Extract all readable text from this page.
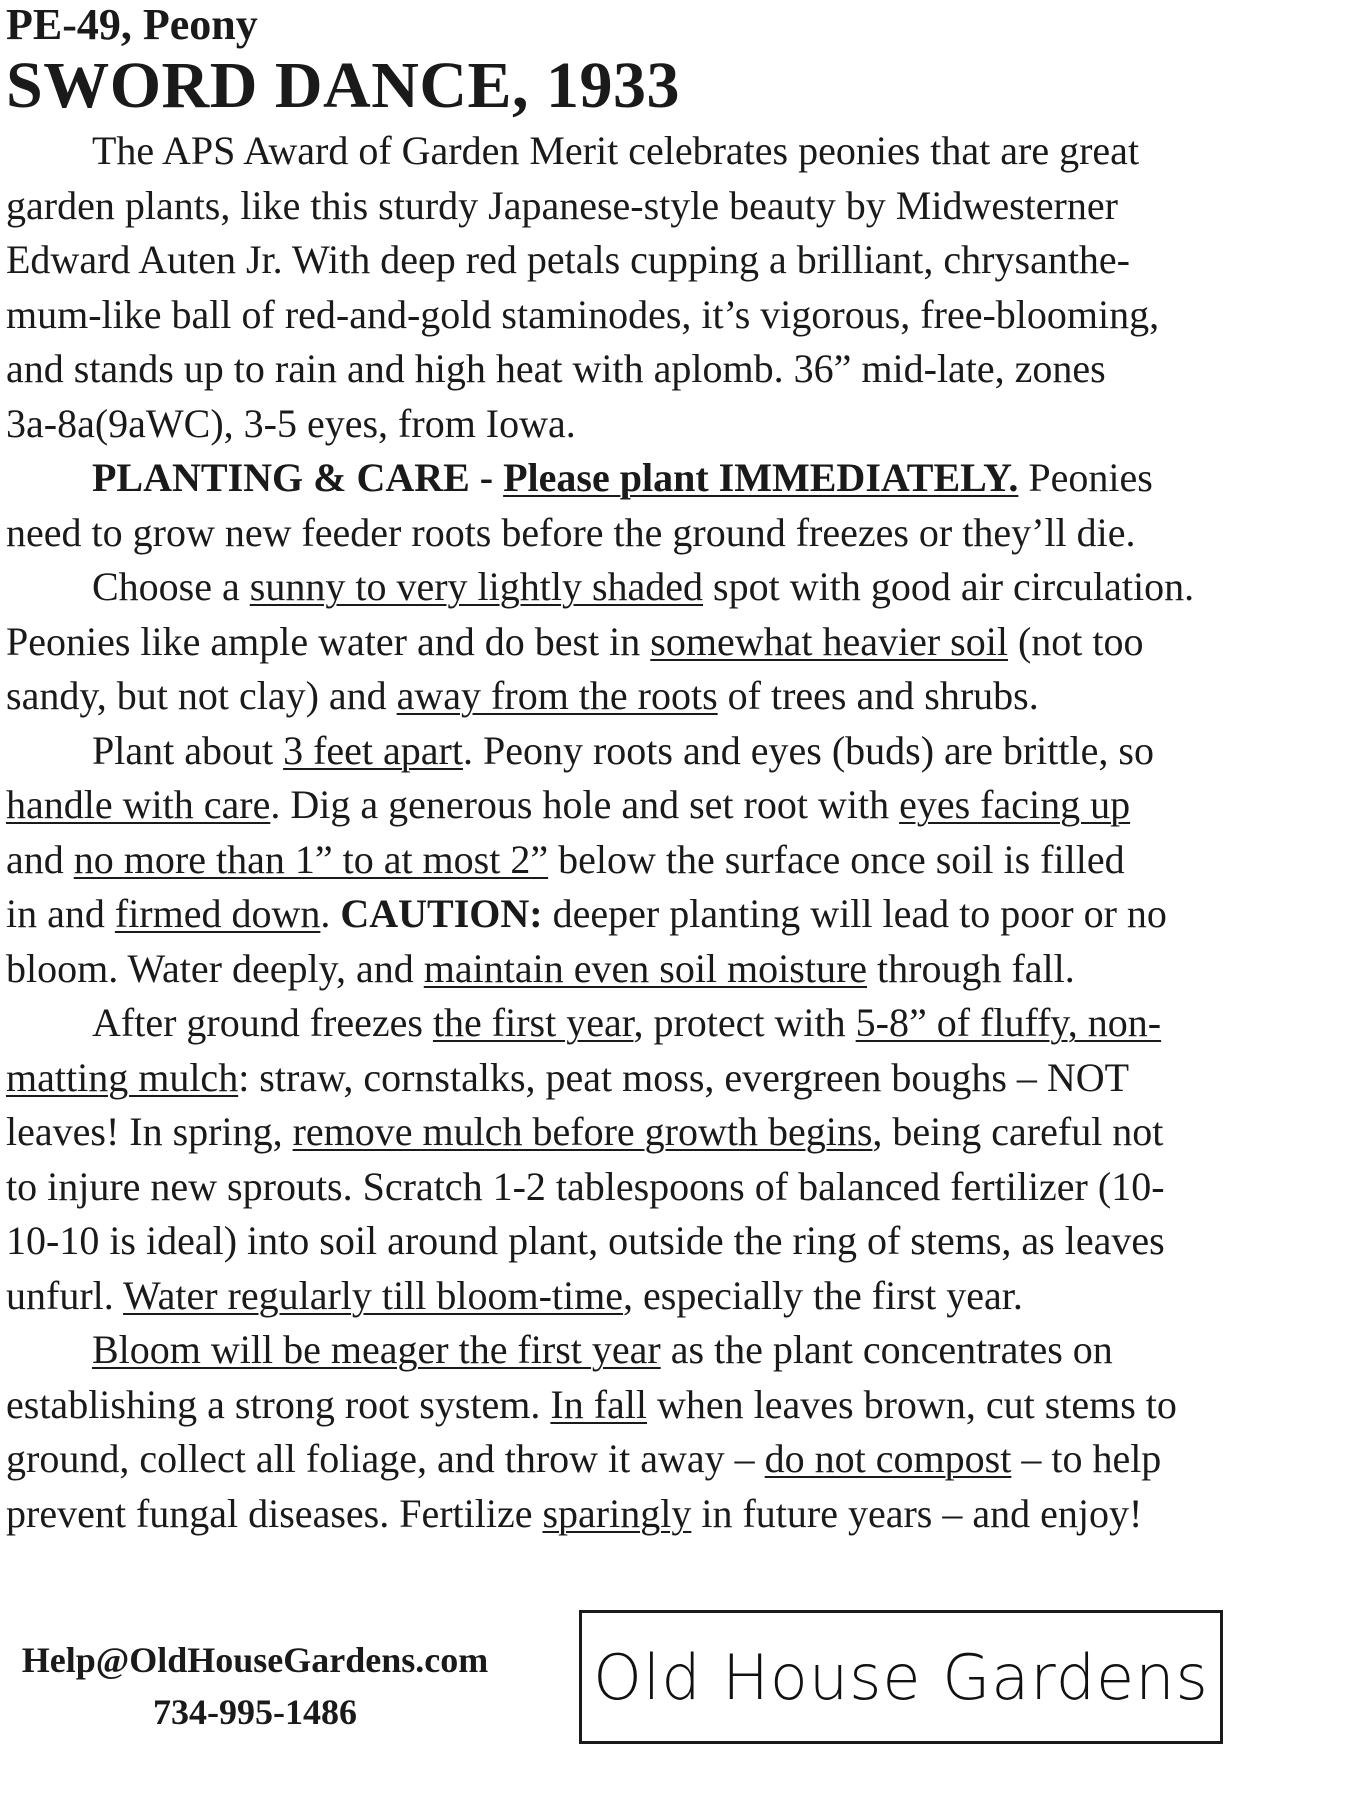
PE-49, Peony

SWORD DANCE, 1933
The APS Award of Garden Merit celebrates peonies that are great
garden plants, like this sturdy Japanese-style beauty by Midwesterner
Edward Auten Jr. With deep red petals cupping a brilliant, chrysanthe-
mum-like ball of red-and-gold staminodes, it’s vigorous, free-blooming,
and stands up to rain and high heat with aplomb. 36” mid-late, zones
3a-8a(9aWC), 3-5 eyes, from Iowa.
PLANTING & CARE - Please plant IMMEDIATELY. Peonies
need to grow new feeder roots before the ground freezes or they’ll die.
Choose a sunny to very lightly shaded spot with good air circulation.
Peonies like ample water and do best in somewhat heavier soil (not too
sandy, but not clay) and away from the roots of trees and shrubs.
Plant about 3 feet apart. Peony roots and eyes (buds) are brittle, so
handle with care. Dig a generous hole and set root with eyes facing up
and no more than 1” to at most 2” below the surface once soil is filled
in and firmed down. CAUTION: deeper planting will lead to poor or no
bloom. Water deeply, and maintain even soil moisture through fall.
After ground freezes the first year, protect with 5-8” of fluffy, non-
matting mulch: straw, cornstalks, peat moss, evergreen boughs – NOT
leaves! In spring, remove mulch before growth begins, being careful not
to injure new sprouts. Scratch 1-2 tablespoons of balanced fertilizer (10-
10-10 is ideal) into soil around plant, outside the ring of stems, as leaves
unfurl. Water regularly till bloom-time, especially the first year.
Bloom will be meager the first year as the plant concentrates on
establishing a strong root system. In fall when leaves brown, cut stems to
ground, collect all foliage, and throw it away – do not compost – to help
prevent fungal diseases. Fertilize sparingly in future years – and enjoy!
Help@OldHouseGardens.com
734-995-1486	Old House Gardens
